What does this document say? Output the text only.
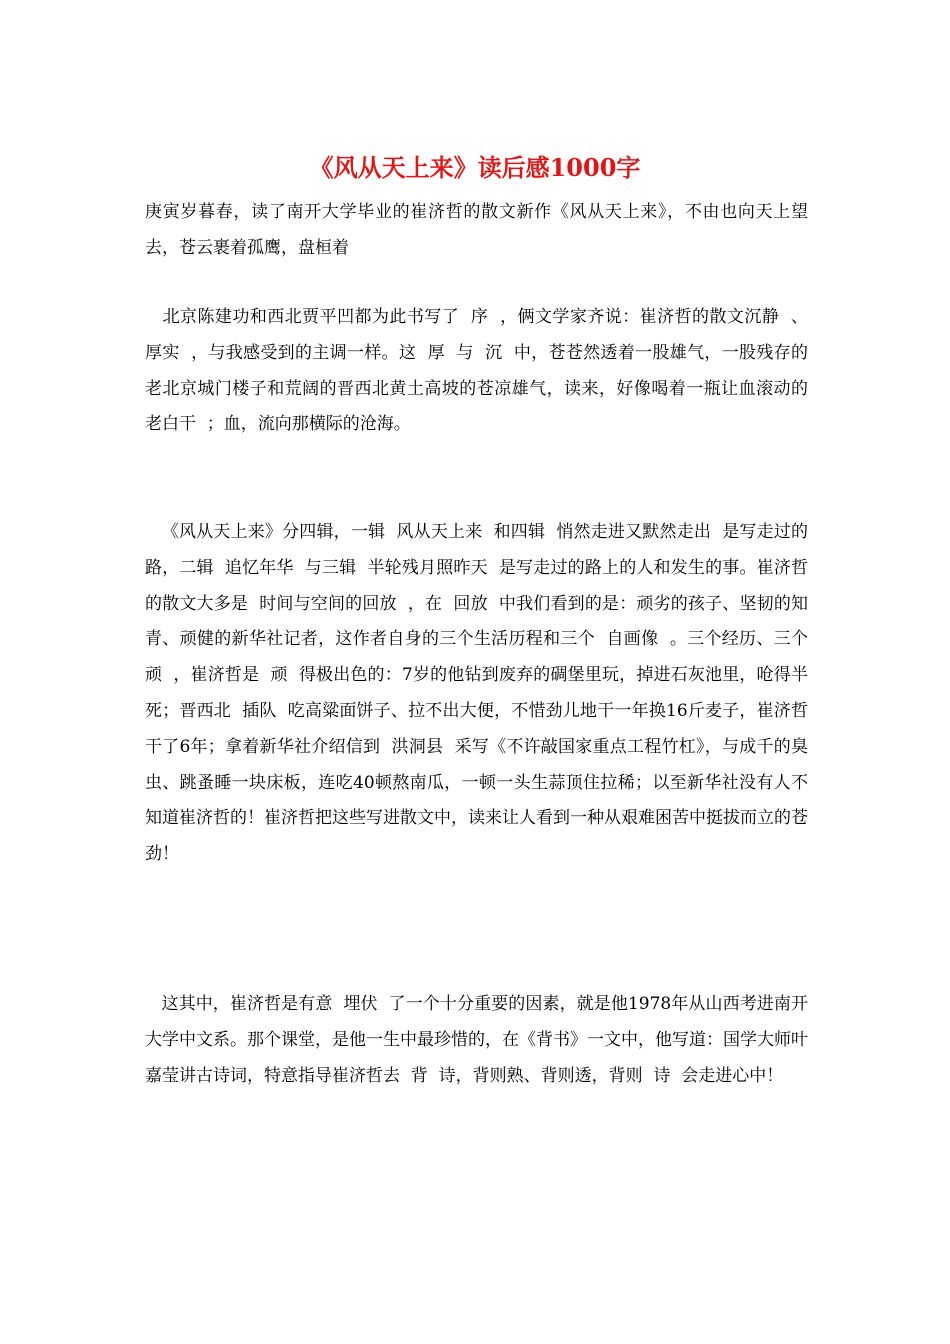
《风从天上来》读后感1000字

庚寅岁暮春，读了南开大学毕业的崔济哲的散文新作《风从天上来》，不由也向天上望去，苍云裹着孤鹰，盘桓着

北京陈建功和西北贾平凹都为此书写了  序  ，俩文学家齐说：崔济哲的散文沉静  、  厚实  ，与我感受到的主调一样。这  厚  与  沉  中，苍苍然透着一股雄气，一股残存的老北京城门楼子和荒阔的晋西北黄土高坡的苍凉雄气，读来，好像喝着一瓶让血滚动的  老白干  ；血，流向那横际的沧海。

《风从天上来》分四辑，一辑  风从天上来  和四辑  悄然走进又默然走出  是写走过的路，二辑  追忆年华  与三辑  半轮残月照昨天  是写走过的路上的人和发生的事。崔济哲的散文大多是  时间与空间的回放  ，在  回放  中我们看到的是：顽劣的孩子、坚韧的知青、顽健的新华社记者，这作者自身的三个生活历程和三个  自画像  。三个经历、三个  顽  ，崔济哲是  顽  得极出色的：7岁的他钻到废弃的碉堡里玩，掉进石灰池里，呛得半死；晋西北  插队  吃高粱面饼子、拉不出大便，不惜劲儿地干一年换16斤麦子，崔济哲干了6年；拿着新华社介绍信到  洪洞县  采写《不许敲国家重点工程竹杠》，与成千的臭虫、跳蚤睡一块床板，连吃40顿熬南瓜，一顿一头生蒜顶住拉稀；以至新华社没有人不知道崔济哲的！崔济哲把这些写进散文中，读来让人看到一种从艰难困苦中挺拔而立的苍劲！

这其中，崔济哲是有意  埋伏  了一个十分重要的因素，就是他1978年从山西考进南开大学中文系。那个课堂，是他一生中最珍惜的，在《背书》一文中，他写道：国学大师叶嘉莹讲古诗词，特意指导崔济哲去  背  诗，背则熟、背则透，背则  诗  会走进心中！
